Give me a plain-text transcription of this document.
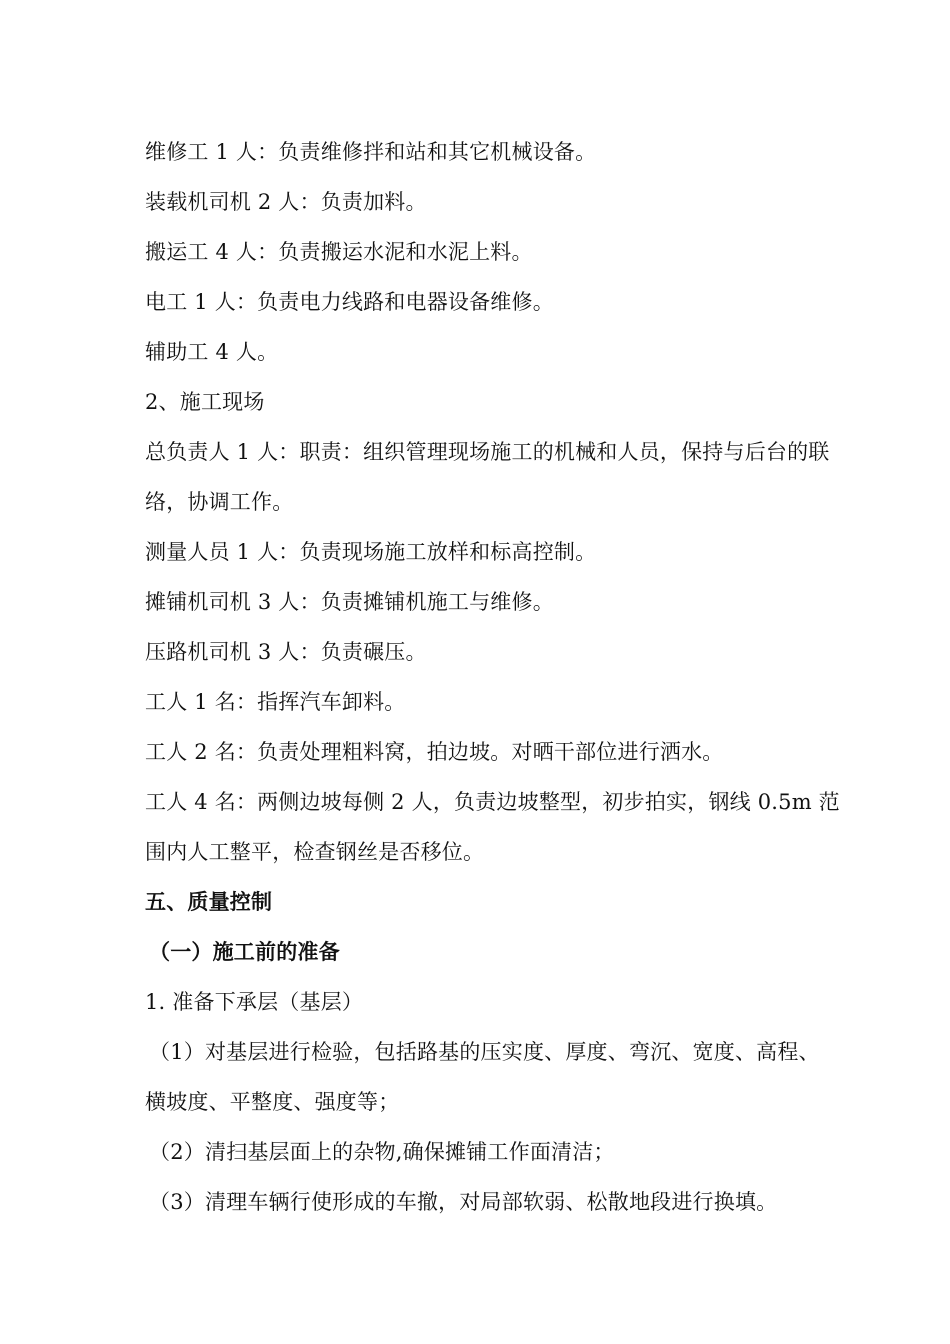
维修工 1 人：负责维修拌和站和其它机械设备。
装载机司机 2 人：负责加料。
搬运工 4 人：负责搬运水泥和水泥上料。
电工 1 人：负责电力线路和电器设备维修。
辅助工 4 人。
2、施工现场
总负责人 1 人：职责：组织管理现场施工的机械和人员，保持与后台的联
络，协调工作。
测量人员 1 人：负责现场施工放样和标高控制。
摊铺机司机 3 人：负责摊铺机施工与维修。
压路机司机 3 人：负责碾压。
工人 1 名：指挥汽车卸料。
工人 2 名：负责处理粗料窝，拍边坡。对晒干部位进行洒水。
工人 4 名：两侧边坡每侧 2 人，负责边坡整型，初步拍实，钢线 0.5m 范
围内人工整平，检查钢丝是否移位。
五、质量控制
（一）施工前的准备
1. 准备下承层（基层）
（1）对基层进行检验，包括路基的压实度、厚度、弯沉、宽度、高程、
横坡度、平整度、强度等；
（2）清扫基层面上的杂物,确保摊铺工作面清洁；
（3）清理车辆行使形成的车撤，对局部软弱、松散地段进行换填。
